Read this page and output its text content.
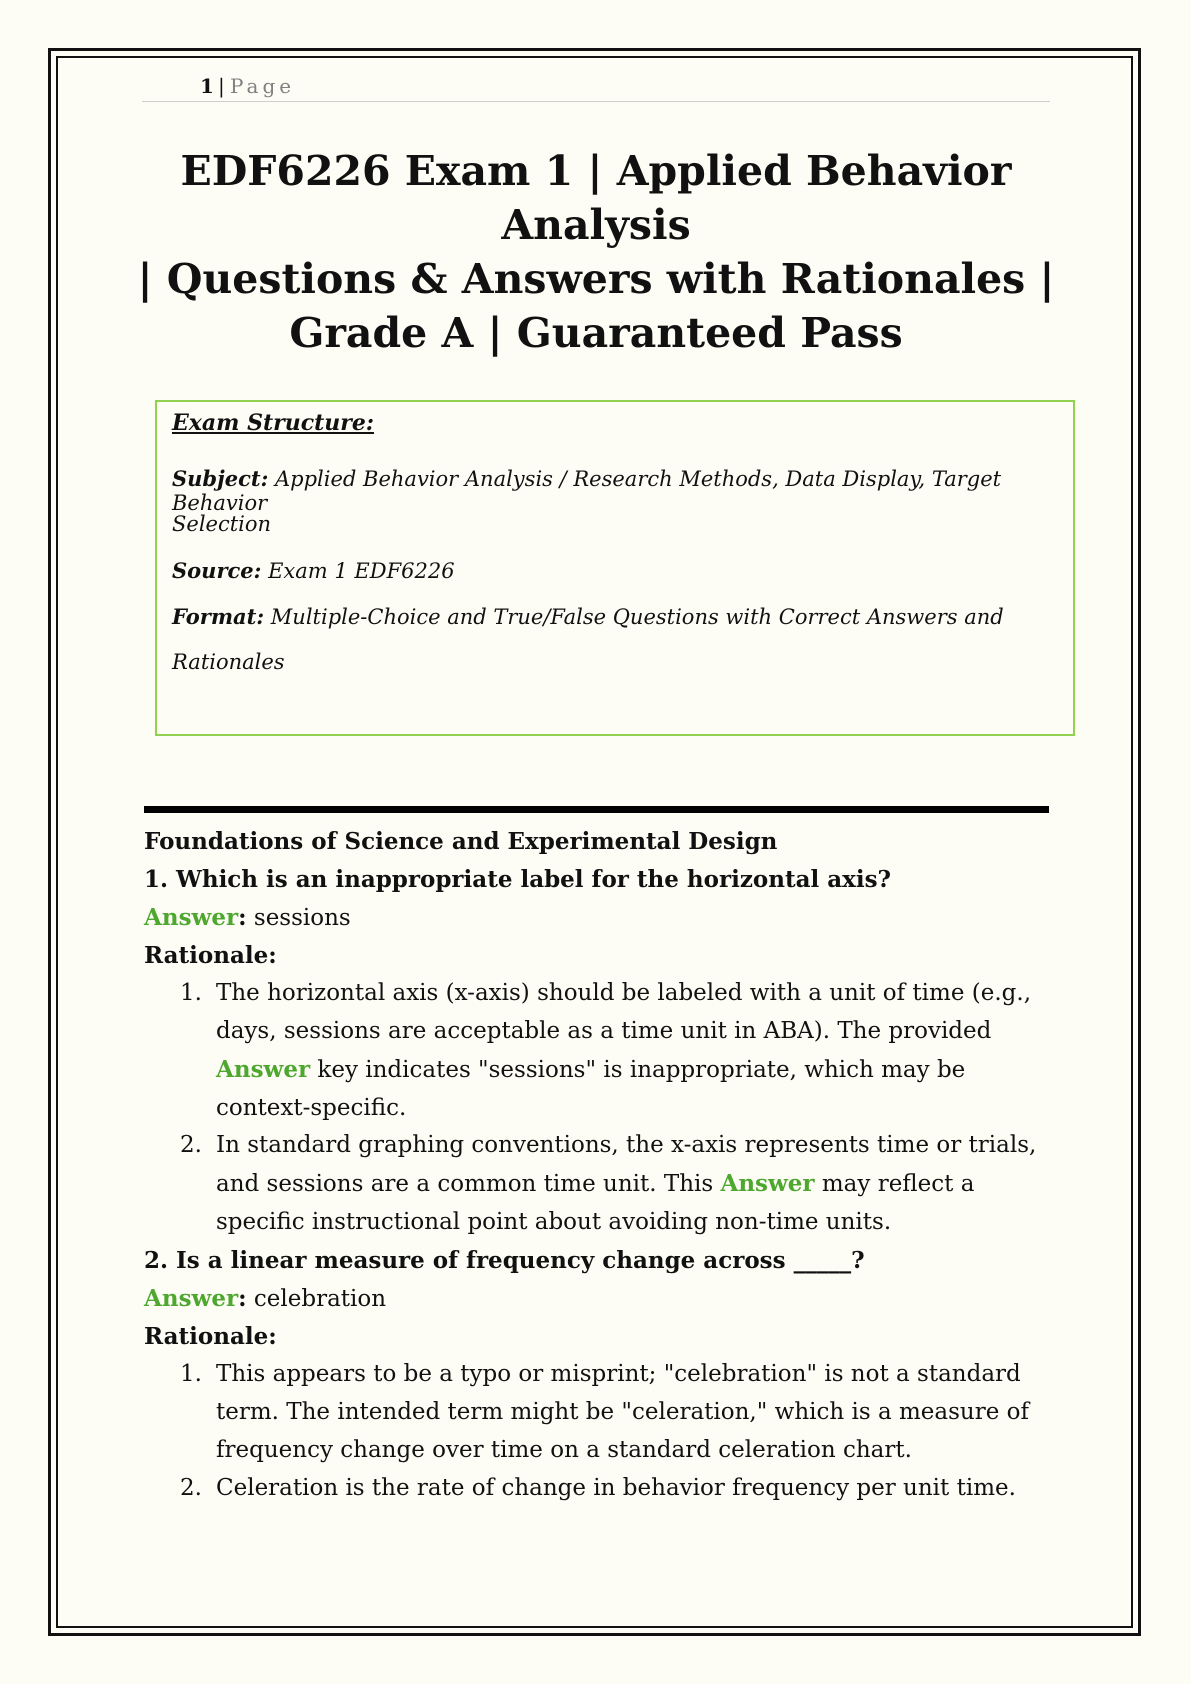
1 | Page
EDF6226 Exam 1 | Applied Behavior Analysis
| Questions & Answers with Rationales |
Grade A | Guaranteed Pass
Exam Structure:
Subject: Applied Behavior Analysis / Research Methods, Data Display, Target Behavior
Selection
Source: Exam 1 EDF6226
Format: Multiple-Choice and True/False Questions with Correct Answers and
Rationales

Foundations of Science and Experimental Design

1. Which is an inappropriate label for the horizontal axis?

Answer: sessions

Rationale:

1. The horizontal axis (x-axis) should be labeled with a unit of time (e.g.,
days, sessions are acceptable as a time unit in ABA). The provided
Answer key indicates "sessions" is inappropriate, which may be
context-specific.
2. In standard graphing conventions, the x-axis represents time or trials,
and sessions are a common time unit. This Answer may reflect a
specific instructional point about avoiding non-time units.

2. Is a linear measure of frequency change across _____?

Answer: celebration

Rationale:

1. This appears to be a typo or misprint; "celebration" is not a standard
term. The intended term might be "celeration," which is a measure of
frequency change over time on a standard celeration chart.
2. Celeration is the rate of change in behavior frequency per unit time.
